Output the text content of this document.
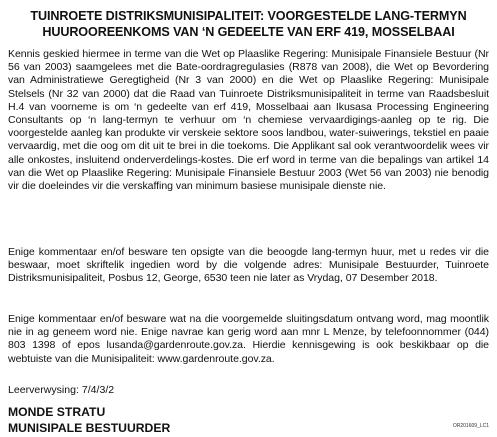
TUINROETE DISTRIKSMUNISIPALITEIT: VOORGESTELDE LANG-TERMYN

HUUROOREENKOMS VAN ‘N GEDEELTE VAN ERF 419, MOSSELBAAI

Kennis geskied hiermee in terme van die Wet op Plaaslike Regering: Munisipale Finansiele Bestuur (Nr 56 van 2003) saamgelees met die Bate-oordragregulasies (R878 van 2008), die Wet op Bevordering van Administratiewe Geregtigheid (Nr 3 van 2000) en die Wet op Plaaslike Regering: Munisipale Stelsels (Nr 32 van 2000) dat die Raad van Tuinroete Distriksmunisipaliteit in terme van Raadsbesluit H.4 van voorneme is om ‘n gedeelte van erf 419, Mosselbaai aan Ikusasa Processing Engineering Consultants op ‘n lang-termyn te verhuur om ‘n chemiese vervaardigings-aanleg op te rig. Die voorgestelde aanleg kan produkte vir verskeie sektore soos landbou, water-suiwerings, tekstiel en paaie vervaardig, met die oog om dit uit te brei in die toekoms. Die Applikant sal ook verantwoordelik wees vir alle onkostes, insluitend onderverdelings-kostes. Die erf word in terme van die bepalings van artikel 14 van die Wet op Plaaslike Regering: Munisipale Finansiele Bestuur 2003 (Wet 56 van 2003) nie benodig vir die doeleindes vir die verskaffing van minimum basiese munisipale dienste nie.

Enige kommentaar en/of besware ten opsigte van die beoogde lang-termyn huur, met u redes vir die beswaar, moet skriftelik ingedien word by die volgende adres: Munisipale Bestuurder, Tuinroete Distriksmunisipaliteit, Posbus 12, George, 6530 teen nie later as Vrydag, 07 Desember 2018.

Enige kommentaar en/of besware wat na die voorgemelde sluitingsdatum ontvang word, mag moontlik nie in ag geneem word nie. Enige navrae kan gerig word aan mnr L Menze, by telefoonnommer (044) 803 1398 of epos lusanda@gardenroute.gov.za. Hierdie kennisgewing is ook beskikbaar op die webtuiste van die Munisipaliteit: www.gardenroute.gov.za.

Leerverwysing: 7/4/3/2

MONDE STRATU

MUNISIPALE BESTUURDER	OR201609_LC1
